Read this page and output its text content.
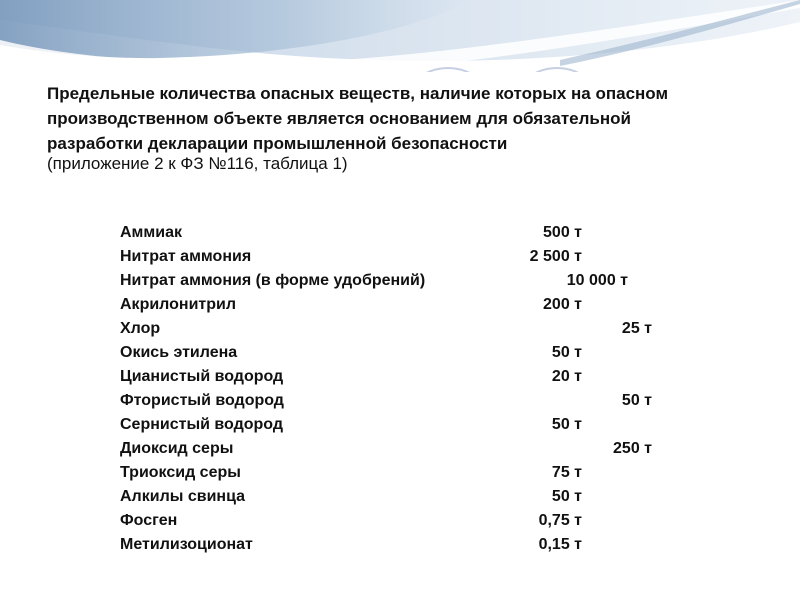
Предельные количества опасных веществ, наличие которых на опасном производственном объекте является основанием для обязательной разработки декларации промышленной безопасности

(приложение 2 к ФЗ №116, таблица 1)
Аммиак	500 т
Нитрат аммония	2 500 т
Нитрат аммония (в форме удобрений)	10 000 т
Акрилонитрил	200 т
Хлор	25 т
Окись этилена	50 т
Цианистый водород	20 т
Фтористый водород	50 т
Сернистый водород	50 т
Диоксид серы	250 т
Триоксид серы	75 т
Алкилы свинца	50 т
Фосген	0,75 т
Метилизоционат	0,15 т
